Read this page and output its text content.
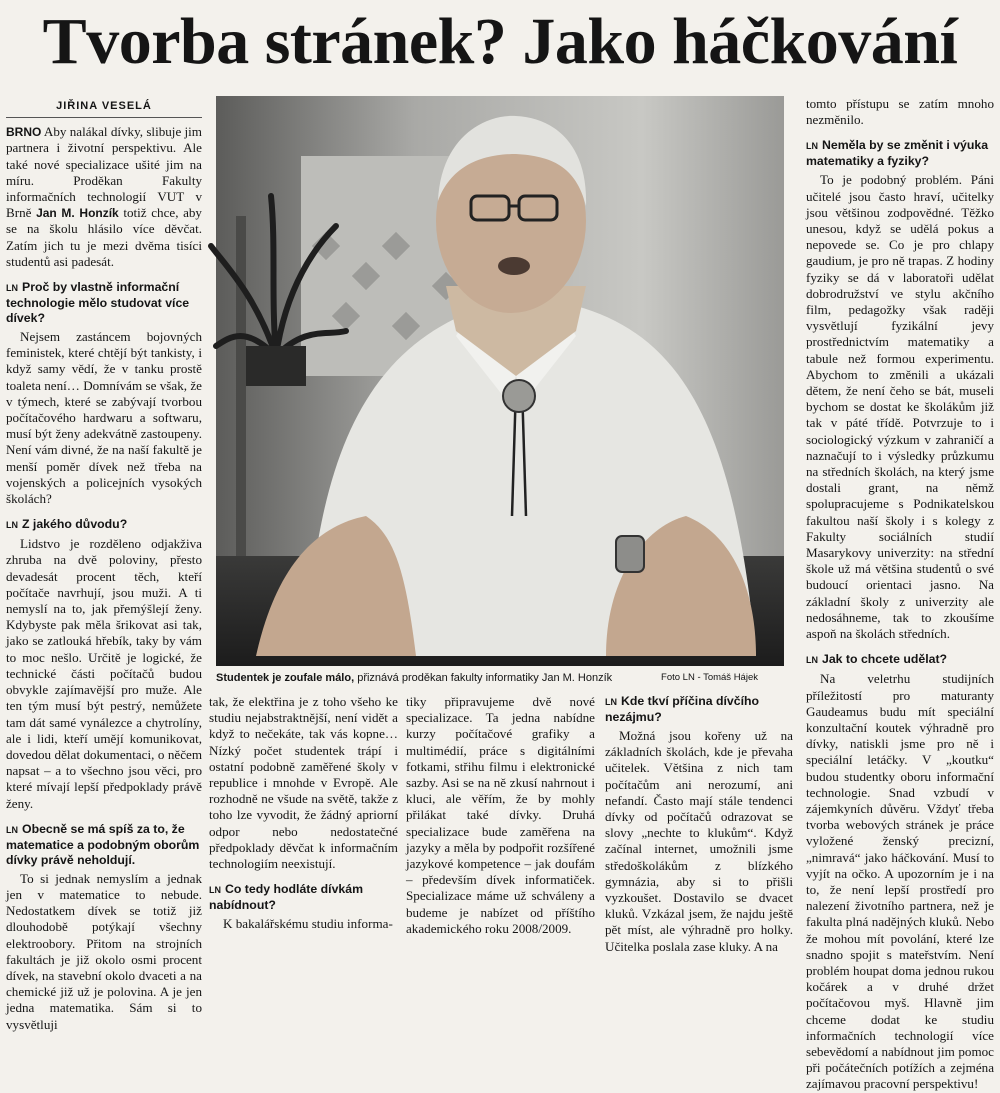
Tvorba stránek? Jako háčkování
JIŘINA VESELÁ

BRNO Aby nalákal dívky, slibuje jim partnera i životní perspektivu. Ale také nové specializace ušité jim na míru. Proděkan Fakulty informačních technologií VUT v Brně Jan M. Honzík totiž chce, aby se na školu hlásilo více děvčat. Zatím jich tu je mezi dvěma tisíci studentů asi padesát.

LN Proč by vlastně informační technologie mělo studovat více dívek?

Nejsem zastáncem bojovných feministek, které chtějí být tankisty, i když samy vědí, že v tanku prostě toaleta není… Domnívám se však, že v týmech, které se zabývají tvorbou počítačového hardwaru a softwaru, musí být ženy adekvátně zastoupeny. Není vám divné, že na naší fakultě je menší poměr dívek než třeba na vojenských a policejních vysokých školách?

LN Z jakého důvodu?

Lidstvo je rozděleno odjakživa zhruba na dvě poloviny, přesto devadesát procent těch, kteří počítače navrhují, jsou muži. A ti nemyslí na to, jak přemýšlejí ženy. Kdybyste pak měla šrikovat asi tak, jako se zatlouká hřebík, taky by vám to moc nešlo. Určitě je logické, že technické části počítačů budou obvykle zajímavější pro muže. Ale ten tým musí být pestrý, nemůžete tam dát samé vynálezce a chytrolíny, ale i lidi, kteří umějí komunikovat, dovedou dělat dokumentaci, o něčem napsat – a to všechno jsou věci, pro které mívají lepší předpoklady právě ženy.

LN Obecně se má spíš za to, že matematice a podobným oborům dívky právě neholdují.

To si jednak nemyslím a jednak jen v matematice to nebude. Nedostatkem dívek se totiž již dlouhodobě potýkají všechny elektroobory. Přitom na strojních fakultách je již okolo osmi procent dívek, na stavební okolo dvaceti a na chemické již už je polovina. A je jen jedna matematika. Sám si to vysvětluji

Studentek je zoufale málo, přiznává proděkan fakulty informatiky Jan M. Honzík	Foto LN - Tomáš Hájek

tak, že elektřina je z toho všeho ke studiu nejabstraktnější, není vidět a když to nečekáte, tak vás kopne… Nízký počet studentek trápí i ostatní podobně zaměřené školy v republice i mnohde v Evropě. Ale rozhodně ne všude na světě, takže z toho lze vyvodit, že žádný apriorní odpor nebo nedostatečné předpoklady děvčat k informačním technologiím neexistují.

LN Co tedy hodláte dívkám nabídnout?

K bakalářskému studiu informa-

tiky připravujeme dvě nové specializace. Ta jedna nabídne kurzy počítačové grafiky a multimédií, práce s digitálními fotkami, střihu filmu i elektronické sazby. Asi se na ně zkusí nahrnout i kluci, ale věřím, že by mohly přilákat také dívky. Druhá specializace bude zaměřena na jazyky a měla by podpořit rozšířené jazykové kompetence – jak doufám – především dívek informatiček. Specializace máme už schváleny a budeme je nabízet od příštího akademického roku 2008/2009.

LN Kde tkví příčina dívčího nezájmu?

Možná jsou kořeny už na základních školách, kde je převaha učitelek. Většina z nich tam počítačům ani nerozumí, ani nefandí. Často mají stále tendenci dívky od počítačů odrazovat se slovy „nechte to klukům“. Když začínal internet, umožnili jsme středoškolákům z blízkého gymnázia, aby si to přišli vyzkoušet. Dostavilo se dvacet kluků. Vzkázal jsem, že najdu ještě pět míst, ale výhradně pro holky. Učitelka poslala zase kluky. A na

tomto přístupu se zatím mnoho nezměnilo.

LN Neměla by se změnit i výuka matematiky a fyziky?

To je podobný problém. Páni učitelé jsou často hraví, učitelky jsou většinou zodpovědné. Těžko unesou, když se udělá pokus a nepovede se. Co je pro chlapy gaudium, je pro ně trapas. Z hodiny fyziky se dá v laboratoři udělat dobrodružství ve stylu akčního film, pedagožky však raději vysvětlují fyzikální jevy prostřednictvím matematiky a tabule než formou experimentu. Abychom to změnili a ukázali dětem, že není čeho se bát, museli bychom se dostat ke školákům již tak v páté třídě. Potvrzuje to i sociologický výzkum v zahraničí a naznačují to i výsledky průzkumu na středních školách, na který jsme dostali grant, na němž spolupracujeme s Podnikatelskou fakultou naší školy i s kolegy z Fakulty sociálních studií Masarykovy univerzity: na střední škole už má většina studentů o své budoucí orientaci jasno. Na základní školy z univerzity ale nedosáhneme, tak to zkoušíme aspoň na školách středních.

LN Jak to chcete udělat?

Na veletrhu studijních příležitostí pro maturanty Gaudeamus budu mít speciální konzultační koutek výhradně pro dívky, natiskli jsme pro ně i speciální letáčky. V „koutku“ budou studentky oboru informační technologie. Snad vzbudí v zájemkyních důvěru. Vždyť třeba tvorba webových stránek je práce vyložené ženský precizní, „nimravá“ jako háčkování. Musí to vyjít na očko. A upozorním je i na to, že není lepší prostředí pro nalezení životního partnera, než je fakulta plná nadějných kluků. Nebo že mohou mít povolání, které lze snadno spojit s mateřstvím. Není problém houpat doma jednou rukou kočárek a v druhé držet počítačovou myš. Hlavně jim chceme dodat ke studiu informačních technologií více sebevědomí a nabídnout jim pomoc při počátečních potížích a zejména zajímavou pracovní perspektivu!
